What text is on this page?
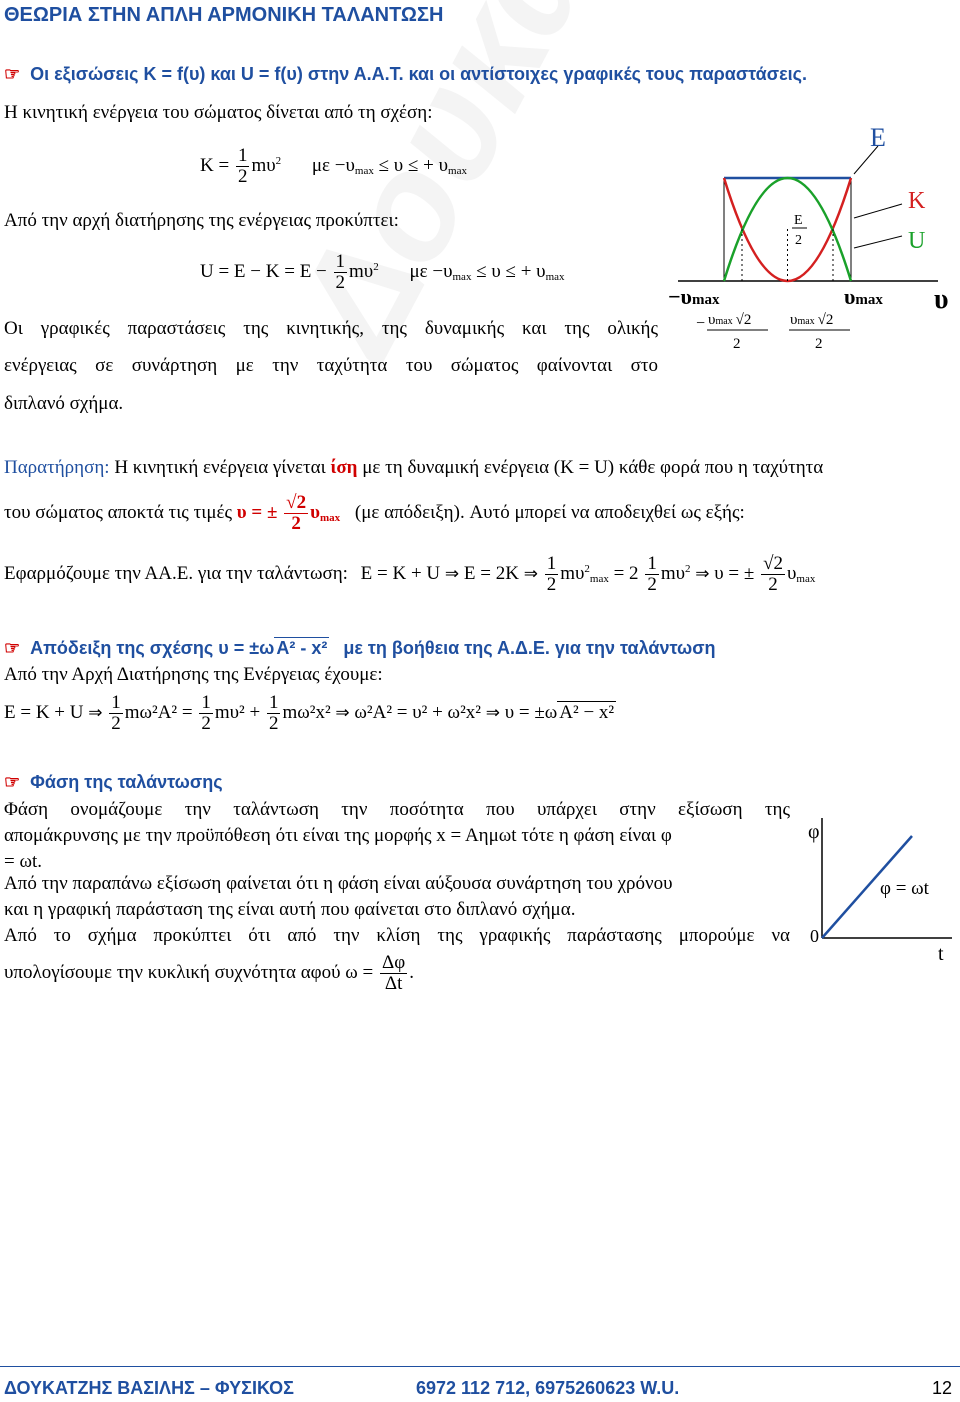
ΘΕΩΡΙΑ ΣΤΗΝ ΑΠΛΗ ΑΡΜΟΝΙΚΗ ΤΑΛΑΝΤΩΣΗ
☞ Οι εξισώσεις K = f(υ) και U = f(υ) στην Α.Α.Τ. και οι αντίστοιχες γραφικές τους παραστάσεις.
Η κινητική ενέργεια του σώματος δίνεται από τη σχέση:
$K = \frac{1}{2} m\upsilon^2$ $\mu\varepsilon -\upsilon_{max} \le \upsilon$ ≤ + $\upsilon_{max}$
Από την αρχή διατήρησης της ενέργειας προκύπτει:
$U = E - K = E - \frac{1}{2} m\upsilon^2$ $\mu\varepsilon -\upsilon_{max} \le \upsilon$ ≤ + $\upsilon_{max}$
Οι γραφικές παραστάσεις της κινητικής, της δυναμικής και της ολικής
ενέργειας σε συνάρτηση με την ταχύτητα του σώματος φαίνονται στο
διπλανό σχήμα.
E
K
U
E
2
−υmax	υmax υ
− υmax √2
2
υmax √2
2
Παρατήρηση: Η κινητική ενέργεια γίνεται ίση με τη δυναμική ενέργεια (K = U) κάθε φορά που η ταχύτητα
του σώματος αποκτά τις τιμές υ = ± $\frac{√2}{2} \upsilon_{max}$ (με απόδειξη). Αυτό μπορεί να αποδειχθεί ως εξής:
Εφαρμόζουμε την ΑΑ.Ε. για την ταλάντωση: E = K + U ⇒ E = 2K ⇒ $\frac{1}{2} m\upsilon^2_{max} = 2 \frac{1}{2} m\upsilon^2$ ⇒ υ = ± $\frac{√2}{2} \upsilon_{max}$
☞ Απόδειξη της σχέσης υ = ±ω A² - x² με τη βοήθεια της Α.Δ.Ε. για την ταλάντωση
Από την Αρχή Διατήρησης της Ενέργειας έχουμε:
E = K + U ⇒ $\frac{1}{2} m\omega^2A^2 = \frac{1}{2} m\upsilon^2 + \frac{1}{2} m\omega^2x^2$ ⇒ ω²A² = υ² + ω²x² ⇒ υ = ±ω A² − x²
☞ Φάση της ταλάντωσης
Φάση ονομάζουμε την ταλάντωση την ποσότητα που υπάρχει στην εξίσωση της
απομάκρυνσης με την προϋπόθεση ότι είναι της μορφής x = Aημωt τότε η φάση είναι φ
= ωt.
Από την παραπάνω εξίσωση φαίνεται ότι η φάση είναι αύξουσα συνάρτηση του χρόνου
και η γραφική παράσταση της είναι αυτή που φαίνεται στο διπλανό σχήμα.
Από το σχήμα προκύπτει ότι από την κλίση της γραφικής παράστασης μπορούμε να
υπολογίσουμε την κυκλική συχνότητα αφού $\omega = \frac{\Delta\varphi}{\Delta t}$ .
φ
t
0
φ = ωt
ΔΟΥΚΑΤΖΗΣ ΒΑΣΙΛΗΣ – ΦΥΣΙΚΟΣ	6972 112 712, 6975260623 W.U.	12
